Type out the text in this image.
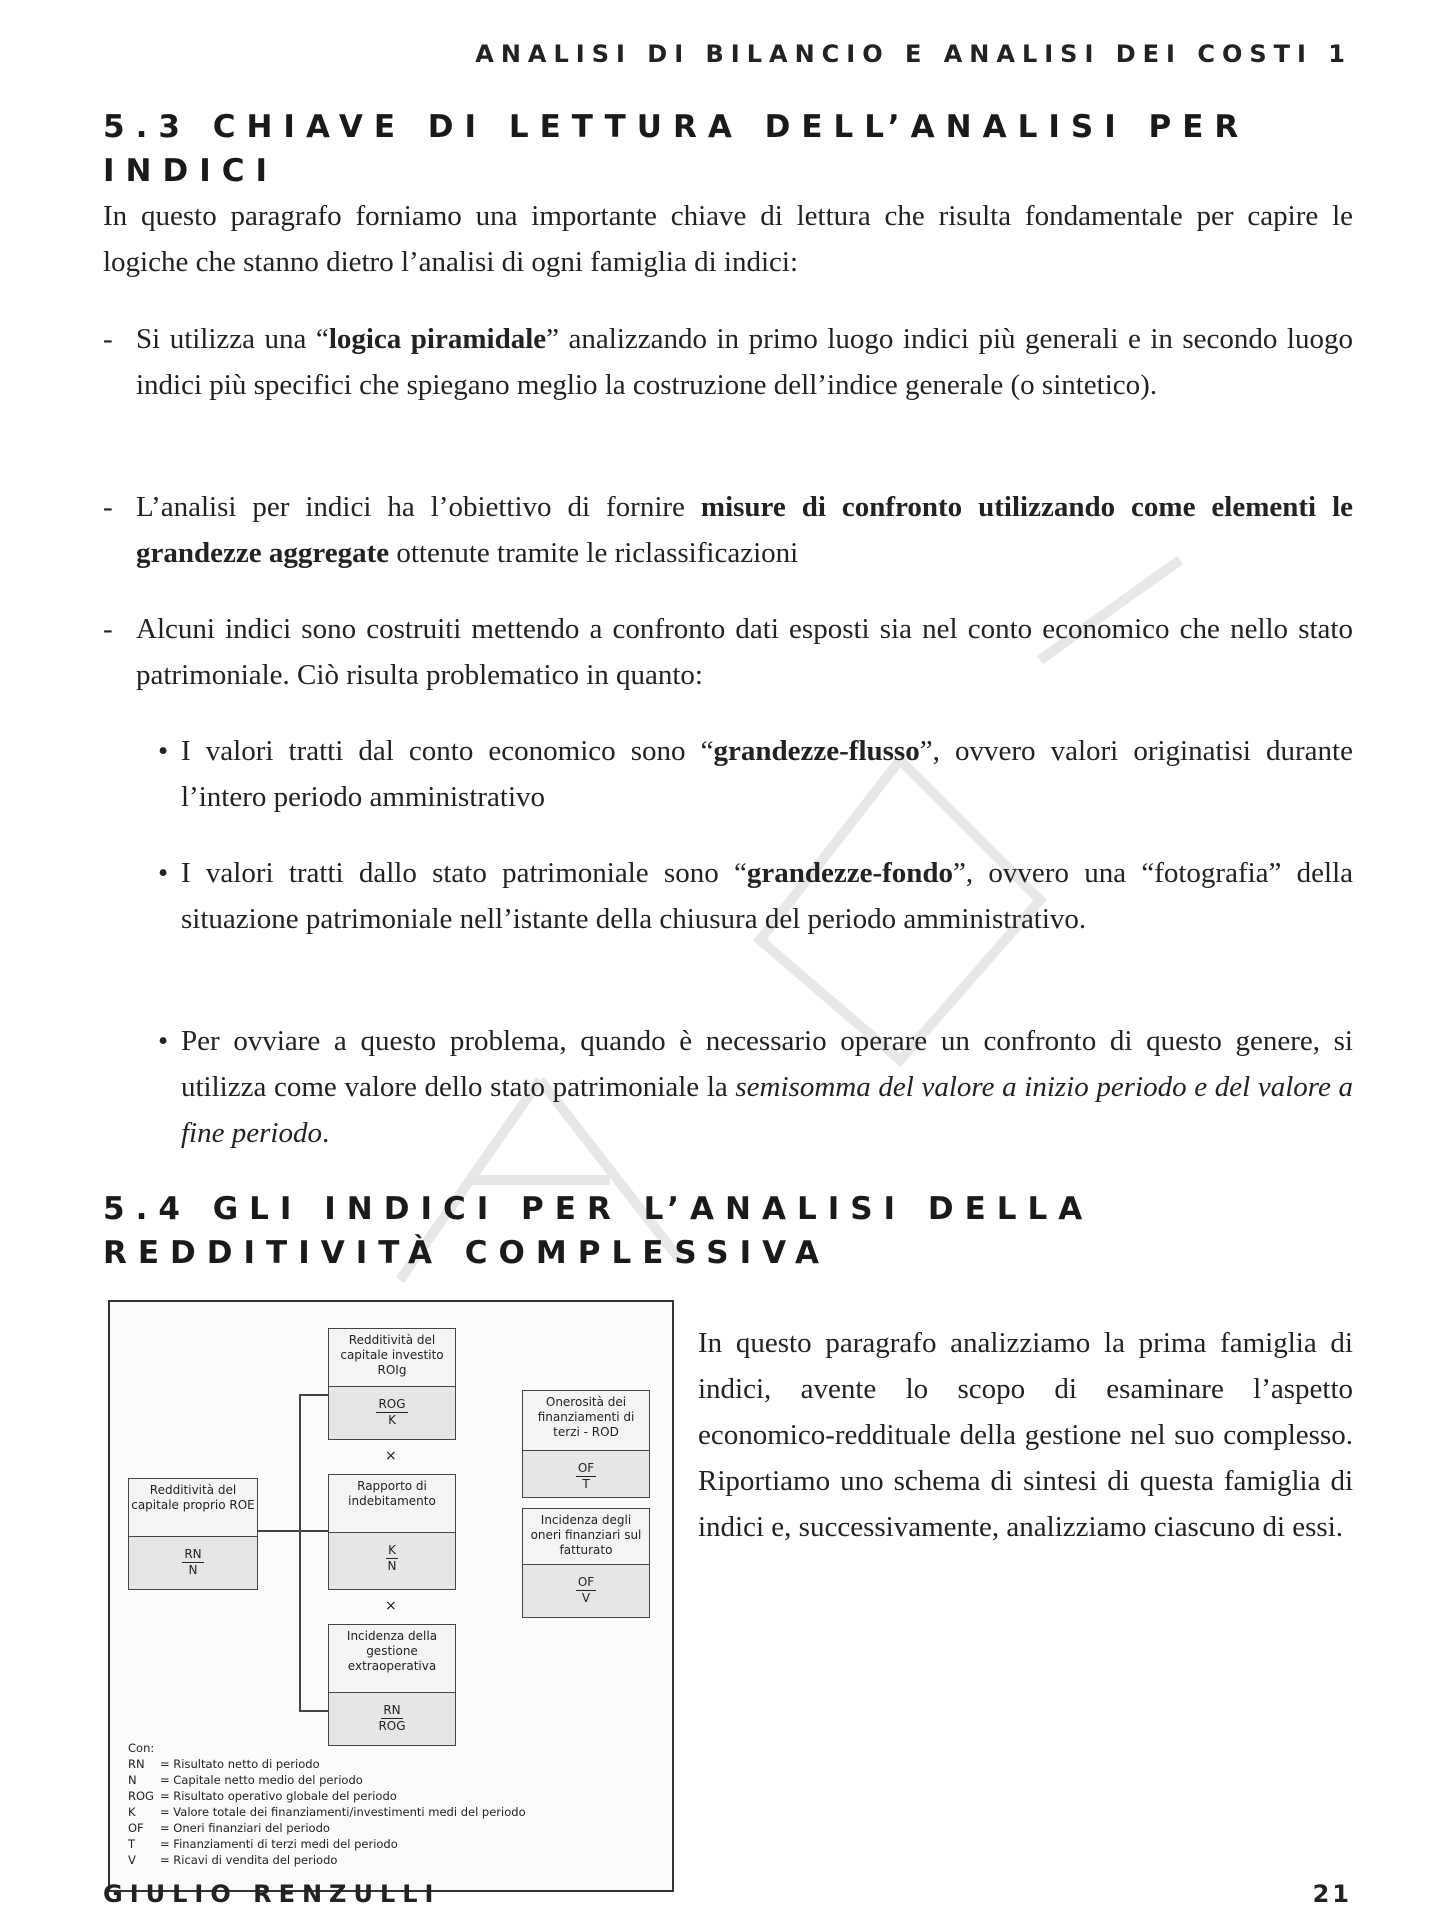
ANALISI DI BILANCIO E ANALISI DEI COSTI 1
5.3 CHIAVE DI LETTURA DELL’ANALISI PER INDICI
In questo paragrafo forniamo una importante chiave di lettura che risulta fondamentale per capire le logiche che stanno dietro l’analisi di ogni famiglia di indici:
- Si utilizza una “logica piramidale” analizzando in primo luogo indici più generali e in secondo luogo indici più specifici che spiegano meglio la costruzione dell’indice generale (o sintetico).
- L’analisi per indici ha l’obiettivo di fornire misure di confronto utilizzando come elementi le grandezze aggregate ottenute tramite le riclassificazioni
- Alcuni indici sono costruiti mettendo a confronto dati esposti sia nel conto economico che nello stato patrimoniale. Ciò risulta problematico in quanto:
• I valori tratti dal conto economico sono “grandezze-flusso”, ovvero valori originatisi durante l’intero periodo amministrativo
• I valori tratti dallo stato patrimoniale sono “grandezze-fondo”, ovvero una “fotografia” della situazione patrimoniale nell’istante della chiusura del periodo amministrativo.
• Per ovviare a questo problema, quando è necessario operare un confronto di questo genere, si utilizza come valore dello stato patrimoniale la semisomma del valore a inizio periodo e del valore a fine periodo.
5.4 GLI INDICI PER L’ANALISI DELLA REDDITIVITÀ COMPLESSIVA
Redditività del capitale proprio ROE
$\frac{RN}{N}$
Redditività del capitale investito ROIg
ROG
K
×
Rapporto di indebitamento
$\frac{K}{N}$
×
Incidenza della gestione extraoperativa
RN
ROG
Onerosità dei finanziamenti di terzi - ROD
$\frac{OF}{T}$
Incidenza degli oneri finanziari sul fatturato
$\frac{OF}{V}$
Con:
RN = Risultato netto di periodo
N = Capitale netto medio del periodo
ROG = Risultato operativo globale del periodo
K = Valore totale dei finanziamenti/investimenti medi del periodo
OF = Oneri finanziari del periodo
T = Finanziamenti di terzi medi del periodo
V = Ricavi di vendita del periodo
In questo paragrafo analizziamo la prima famiglia di indici, avente lo scopo di esaminare l’aspetto economico-reddituale della gestione nel suo complesso. Riportiamo uno schema di sintesi di questa famiglia di indici e, successivamente, analizziamo ciascuno di essi.
GIULIO RENZULLI	21
